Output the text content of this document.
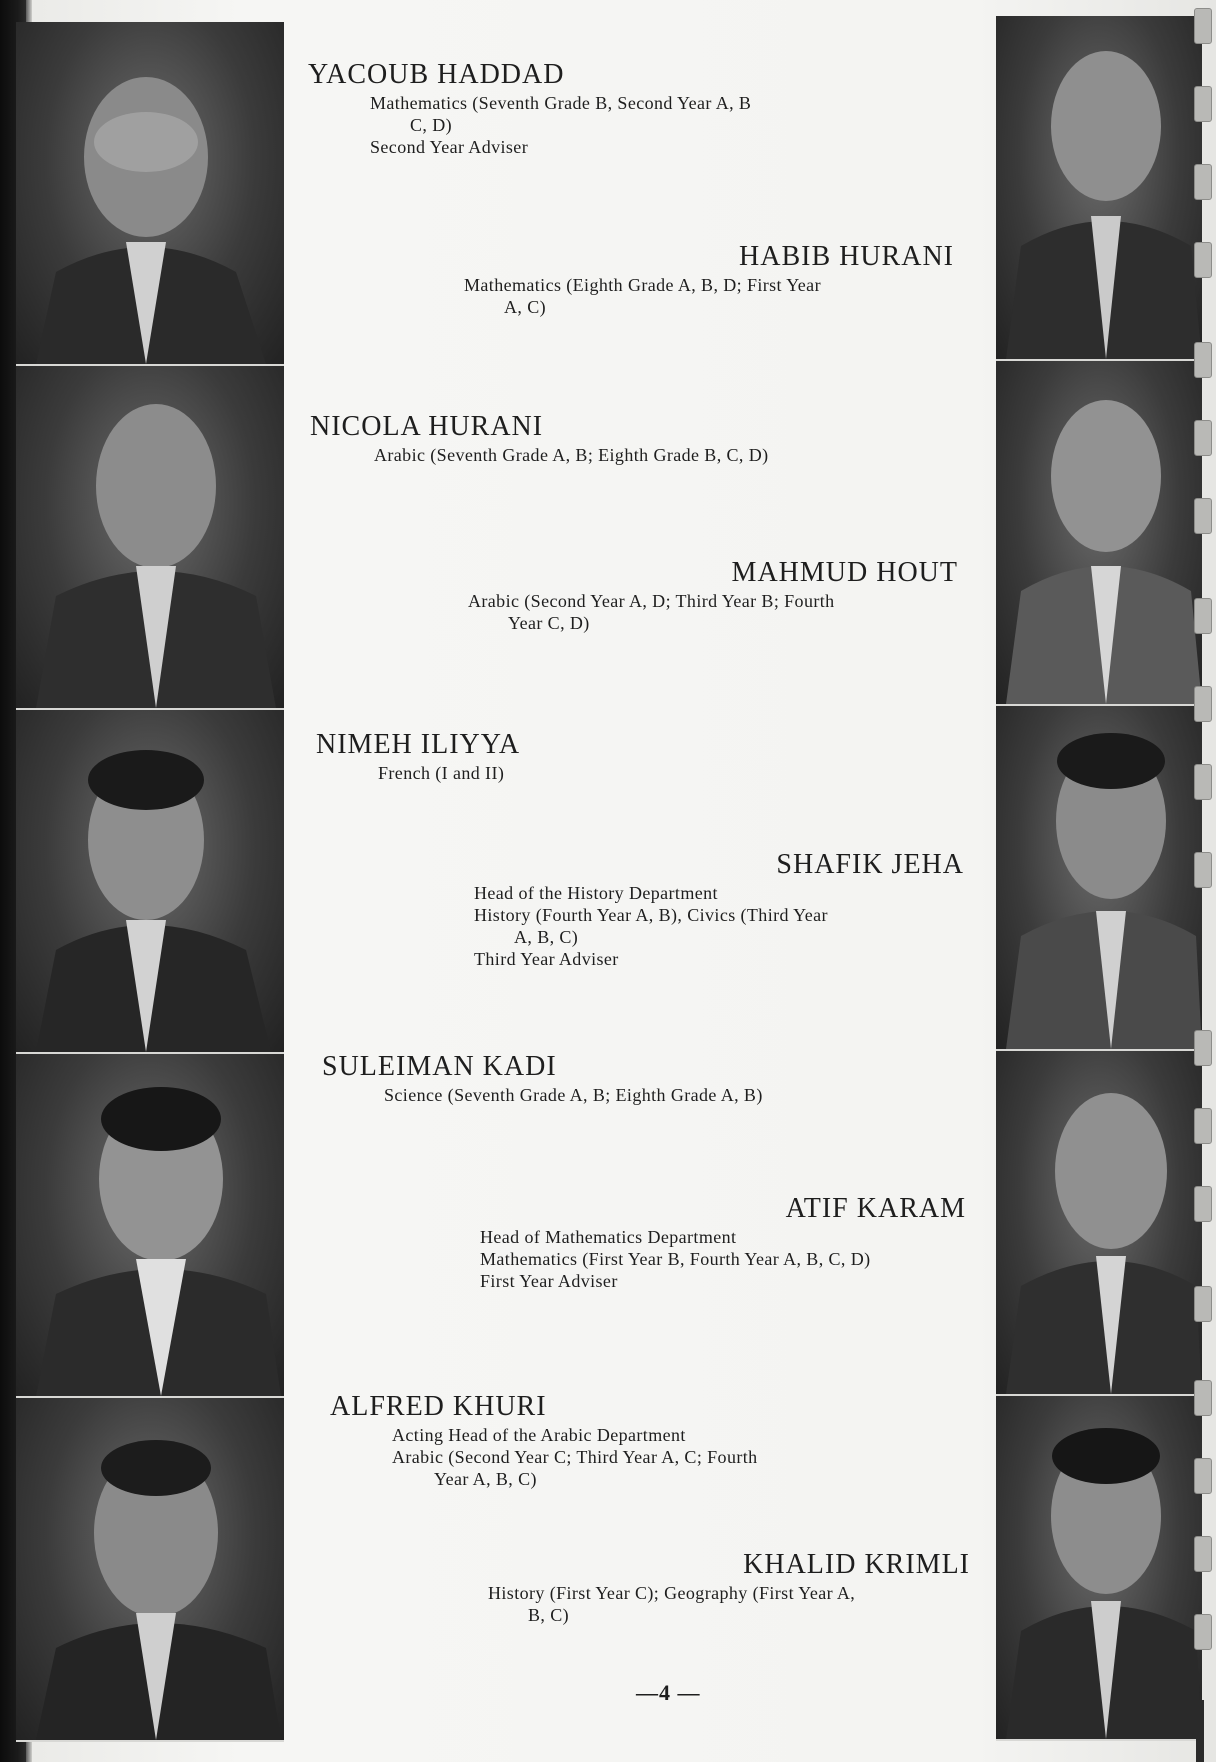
YACOUB HADDAD

Mathematics (Seventh Grade B, Second Year A, B

C, D)

Second Year Adviser

HABIB HURANI

Mathematics (Eighth Grade A, B, D; First Year

A, C)

NICOLA HURANI

Arabic (Seventh Grade A, B; Eighth Grade B, C, D)

MAHMUD HOUT

Arabic (Second Year A, D; Third Year B; Fourth

Year C, D)

NIMEH ILIYYA

French (I and II)

SHAFIK JEHA

Head of the History Department

History (Fourth Year A, B), Civics (Third Year

A, B, C)

Third Year Adviser

SULEIMAN KADI

Science (Seventh Grade A, B; Eighth Grade A, B)

ATIF KARAM

Head of Mathematics Department

Mathematics (First Year B, Fourth Year A, B, C, D)

First Year Adviser

ALFRED KHURI

Acting Head of the Arabic Department

Arabic (Second Year C; Third Year A, C; Fourth

Year A, B, C)

KHALID KRIMLI

History (First Year C); Geography (First Year A,

B, C)

—4 —
